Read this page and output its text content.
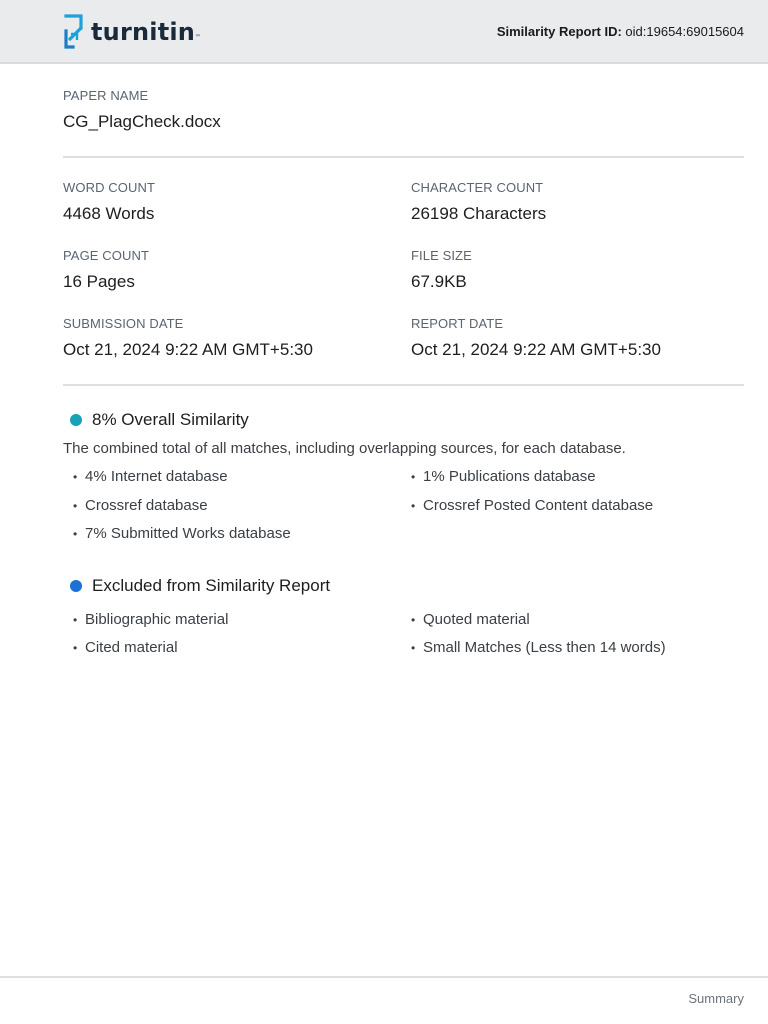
turnitin ™	Similarity Report ID: oid:19654:69015604
PAPER NAME
CG_PlagCheck.docx
WORD COUNT
4468 Words
CHARACTER COUNT
26198 Characters
PAGE COUNT
16 Pages
FILE SIZE
67.9KB
SUBMISSION DATE
Oct 21, 2024 9:22 AM GMT+5:30
REPORT DATE
Oct 21, 2024 9:22 AM GMT+5:30
8% Overall Similarity
The combined total of all matches, including overlapping sources, for each database.
• 4% Internet database	• 1% Publications database
• Crossref database	• Crossref Posted Content database
• 7% Submitted Works database
Excluded from Similarity Report
• Bibliographic material	• Quoted material
• Cited material	• Small Matches (Less then 14 words)
Summary
